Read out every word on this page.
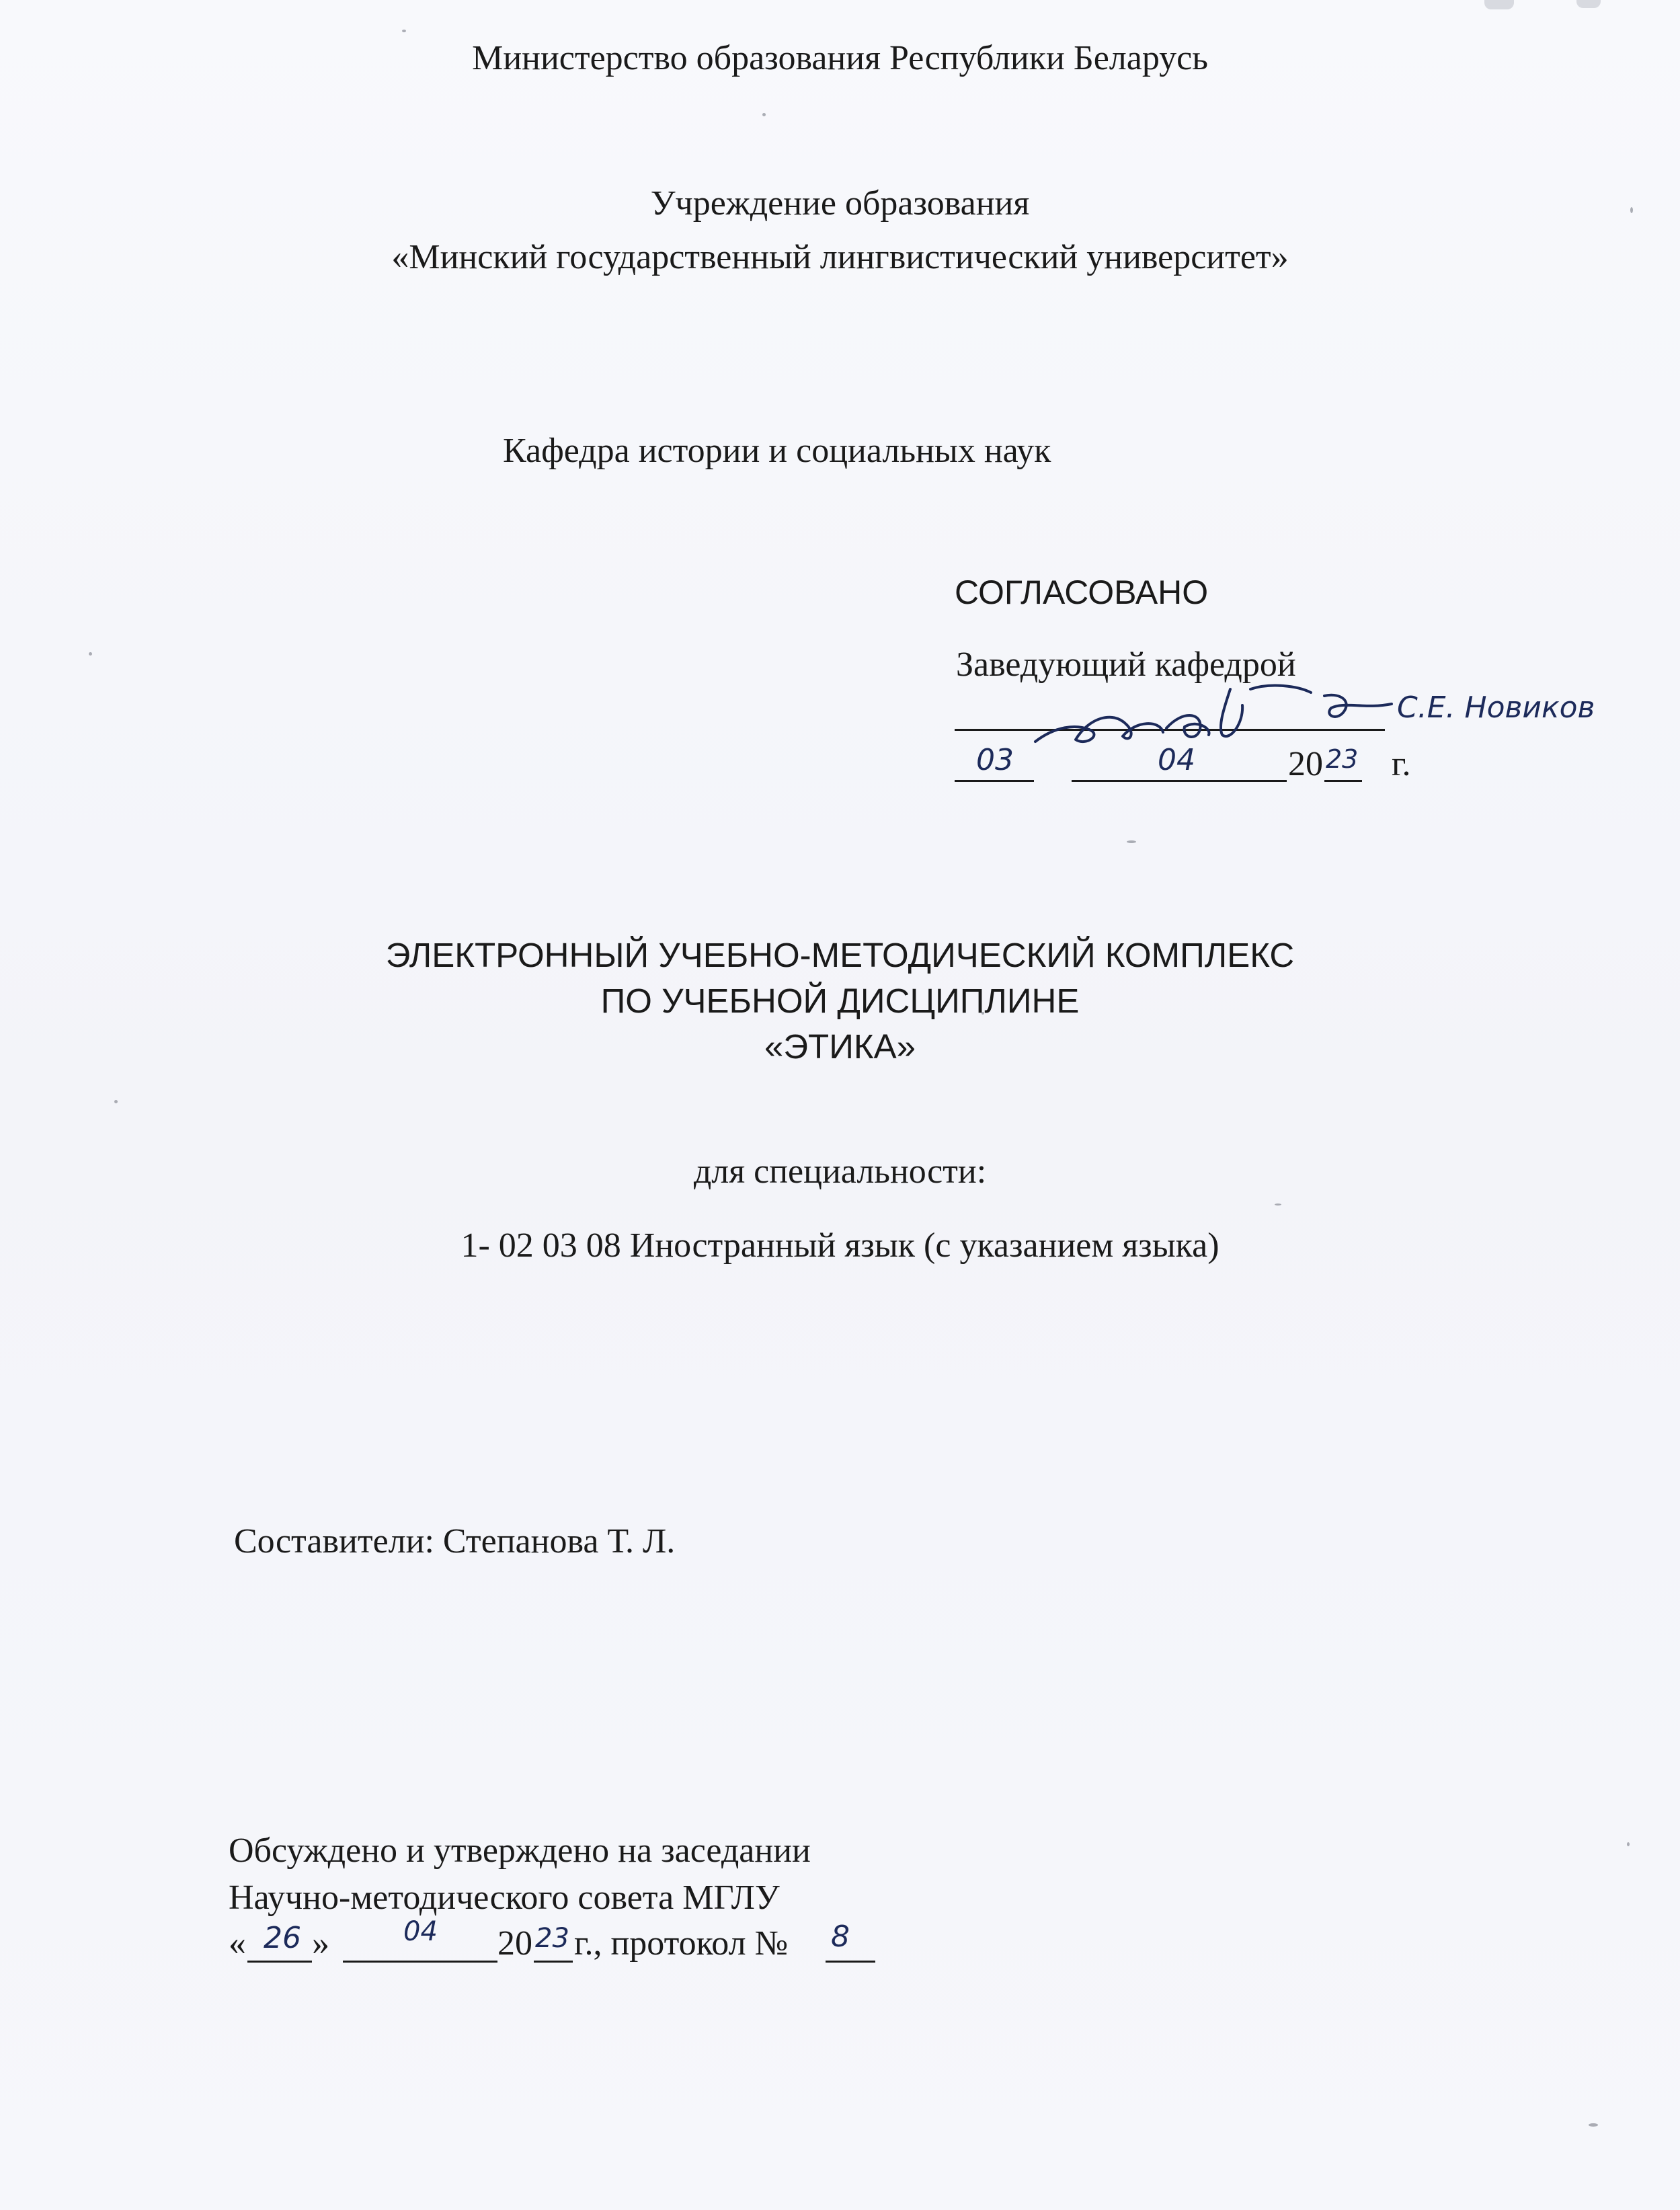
Министерство образования Республики Беларусь
Учреждение образования
«Минский государственный лингвистический университет»
Кафедра истории и социальных наук
СОГЛАСОВАНО
Заведующий кафедрой
С.Е. Новиков
03	04	20 23 г.
ЭЛЕКТРОННЫЙ УЧЕБНО-МЕТОДИЧЕСКИЙ КОМПЛЕКС
ПО УЧЕБНОЙ ДИСЦИПЛИНЕ
«ЭТИКА»
для специальности:
1- 02 03 08 Иностранный язык (с указанием языка)
Составители: Степанова Т. Л.
Обсуждено и утверждено на заседании
Научно-методического совета МГЛУ
« 26 »	04 20 23 г., протокол № 8
